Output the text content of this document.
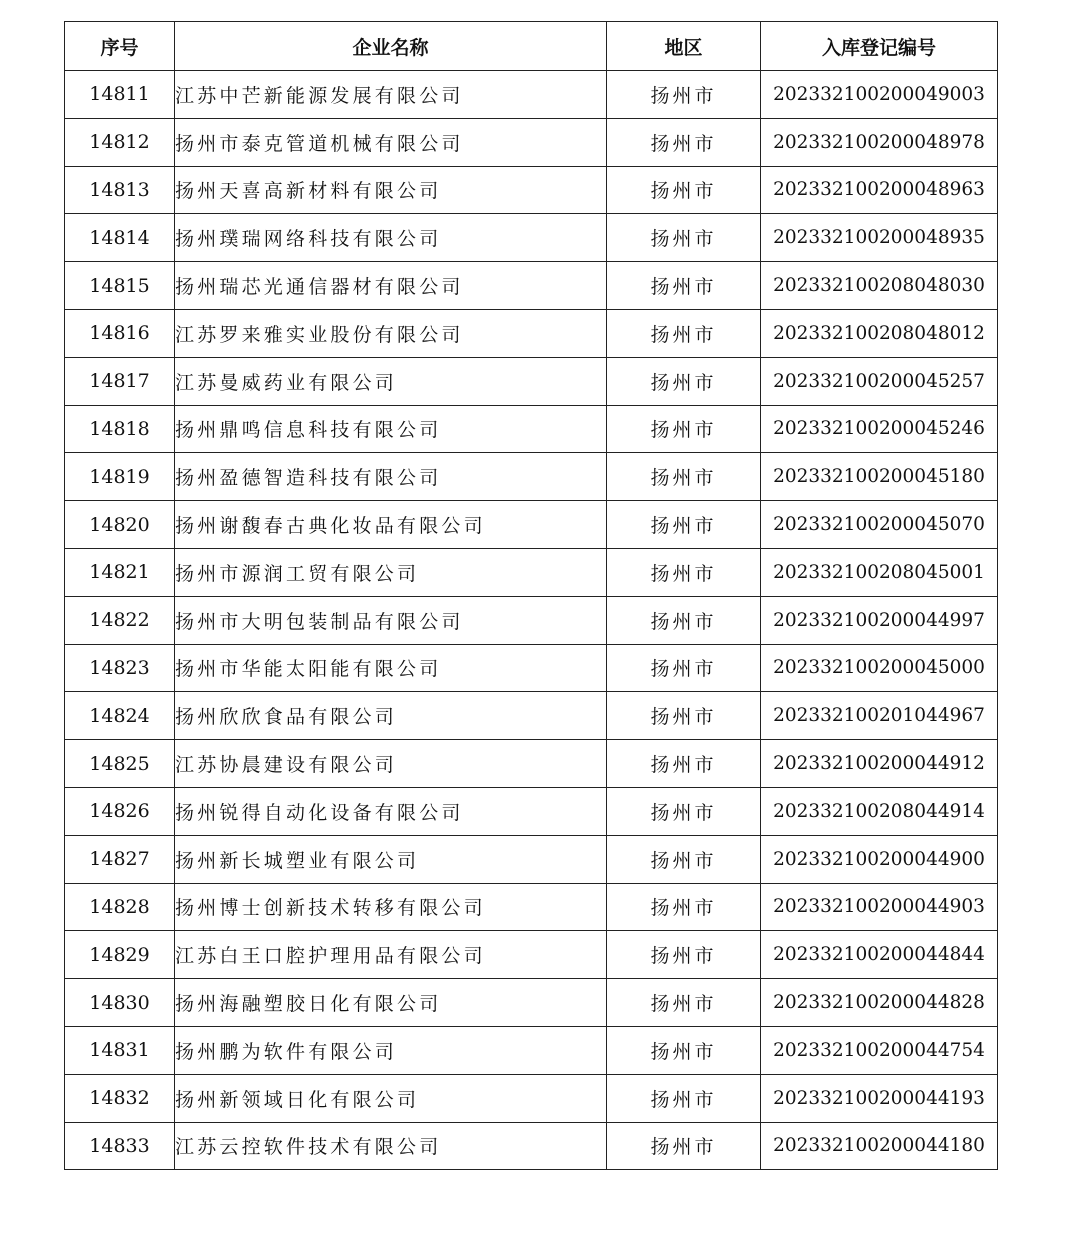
序号	企业名称	地区	入库登记编号
14811	江苏中芒新能源发展有限公司	扬州市	202332100200049003
14812	扬州市泰克管道机械有限公司	扬州市	202332100200048978
14813	扬州天喜高新材料有限公司	扬州市	202332100200048963
14814	扬州璞瑞网络科技有限公司	扬州市	202332100200048935
14815	扬州瑞芯光通信器材有限公司	扬州市	202332100208048030
14816	江苏罗来雅实业股份有限公司	扬州市	202332100208048012
14817	江苏曼威药业有限公司	扬州市	202332100200045257
14818	扬州鼎鸣信息科技有限公司	扬州市	202332100200045246
14819	扬州盈德智造科技有限公司	扬州市	202332100200045180
14820	扬州谢馥春古典化妆品有限公司	扬州市	202332100200045070
14821	扬州市源润工贸有限公司	扬州市	202332100208045001
14822	扬州市大明包装制品有限公司	扬州市	202332100200044997
14823	扬州市华能太阳能有限公司	扬州市	202332100200045000
14824	扬州欣欣食品有限公司	扬州市	202332100201044967
14825	江苏协晨建设有限公司	扬州市	202332100200044912
14826	扬州锐得自动化设备有限公司	扬州市	202332100208044914
14827	扬州新长城塑业有限公司	扬州市	202332100200044900
14828	扬州博士创新技术转移有限公司	扬州市	202332100200044903
14829	江苏白王口腔护理用品有限公司	扬州市	202332100200044844
14830	扬州海融塑胶日化有限公司	扬州市	202332100200044828
14831	扬州鹏为软件有限公司	扬州市	202332100200044754
14832	扬州新领域日化有限公司	扬州市	202332100200044193
14833	江苏云控软件技术有限公司	扬州市	202332100200044180
